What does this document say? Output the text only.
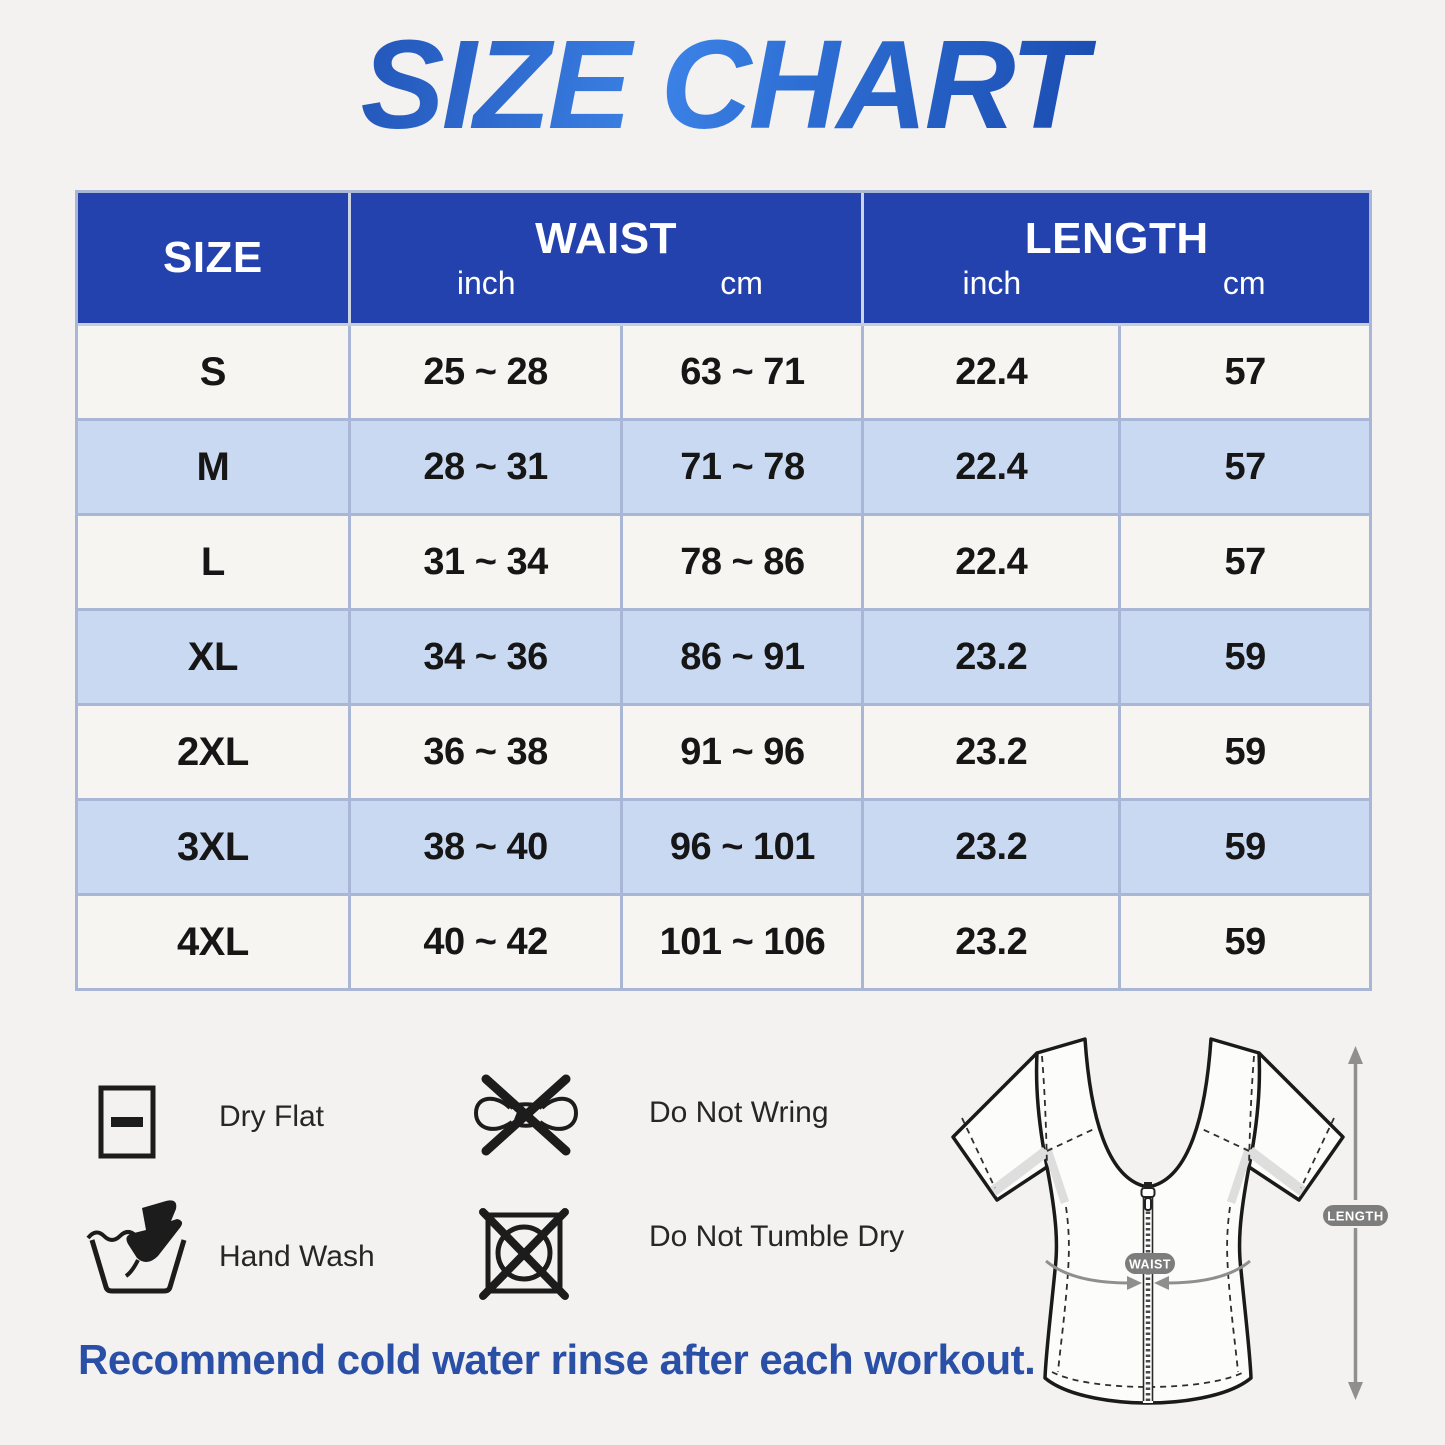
SIZE CHART
SIZE	WAIST
inch	cm
LENGTH
inch	cm
S	25 ~ 28	63 ~ 71	22.4	57
M	28 ~ 31	71 ~ 78	22.4	57
L	31 ~ 34	78 ~ 86	22.4	57
XL	34 ~ 36	86 ~ 91	23.2	59
2XL	36 ~ 38	91 ~ 96	23.2	59
3XL	38 ~ 40	96 ~ 101	23.2	59
4XL	40 ~ 42	101 ~ 106	23.2	59
Dry Flat	Do Not Wring
Hand Wash
Do Not Tumble Dry
WAIST
LENGTH
Recommend cold water rinse after each workout.
